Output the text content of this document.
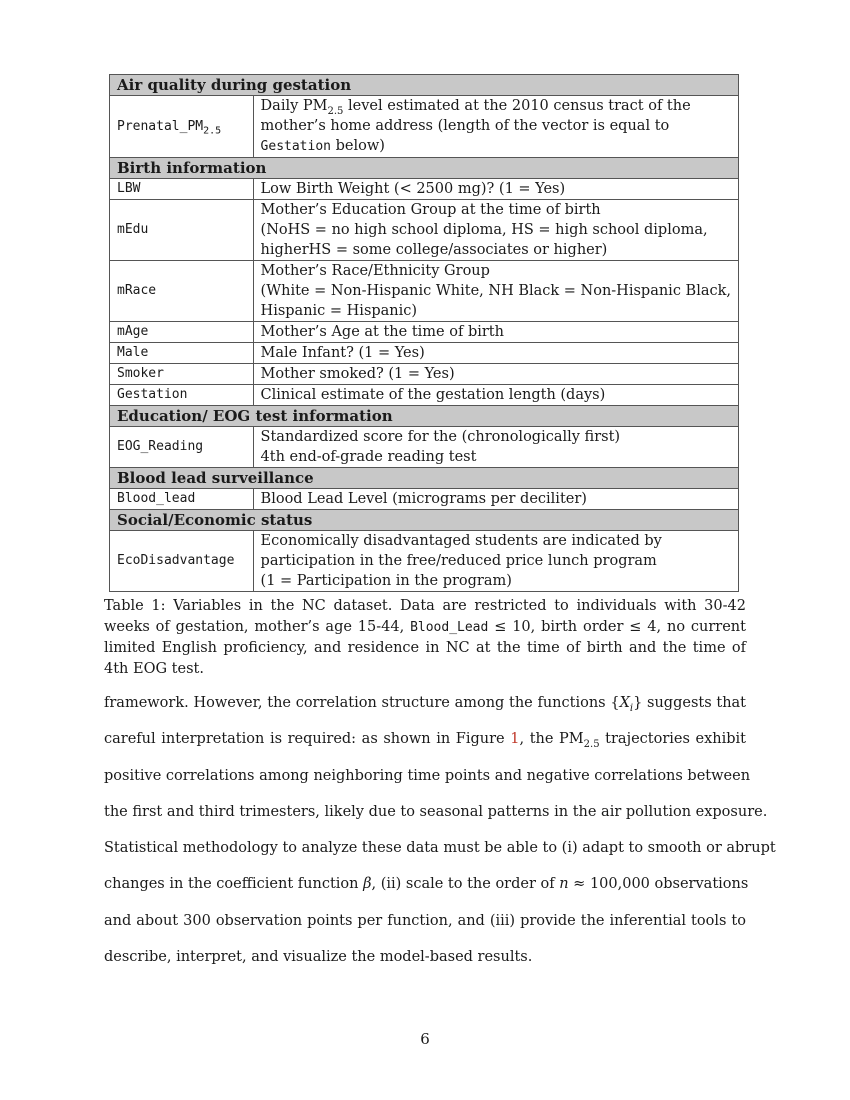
Air quality during gestation	
$Prenatal\_PM_{2.5}$	Daily $PM_{2.5}$ level estimated at the 2010 census tract of the
mother’s home address (length of the vector is equal to
Gestation below)

Birth information	
LBW	Low Birth Weight (< 2500 mg)? (1 = Yes)
mEdu	Mother’s Education Group at the time of birth
(NoHS = no high school diploma, HS = high school diploma,
higherHS = some college/associates or higher)

mRace	Mother’s Race/Ethnicity Group
(White = Non-Hispanic White, NH Black = Non-Hispanic Black,
Hispanic = Hispanic)

mAge	Mother’s Age at the time of birth
Male	Male Infant? (1 = Yes)
Smoker	Mother smoked? (1 = Yes)
Gestation	Clinical estimate of the gestation length (days)
Education/ EOG test information	
EOG_Reading	Standardized score for the (chronologically first)
4th end-of-grade reading test

Blood lead surveillance	
Blood_lead	Blood Lead Level (micrograms per deciliter)
Social/Economic status	
EcoDisadvantage	Economically disadvantaged students are indicated by
participation in the free/reduced price lunch program
(1 = Participation in the program)
Table 1: Variables in the NC dataset. Data are restricted to individuals with 30-42 weeks of gestation, mother’s age 15-44, Blood_Lead ≤ 10, birth order ≤ 4, no current limited English proficiency, and residence in NC at the time of birth and the time of 4th EOG test.
framework. However, the correlation structure among the functions $\{X_i\}$ suggests that
careful interpretation is required: as shown in Figure 1, the $PM_{2.5}$ trajectories exhibit
positive correlations among neighboring time points and negative correlations between
the first and third trimesters, likely due to seasonal patterns in the air pollution exposure.
Statistical methodology to analyze these data must be able to (i) adapt to smooth or abrupt
changes in the coefficient function β, (ii) scale to the order of n ≈ 100,000 observations
and about 300 observation points per function, and (iii) provide the inferential tools to
describe, interpret, and visualize the model-based results.
6
